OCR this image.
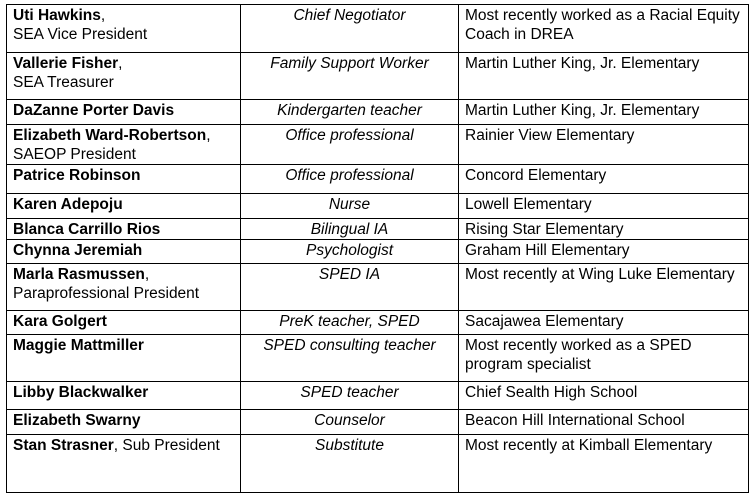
Uti Hawkins,
SEA Vice President	Chief Negotiator	Most recently worked as a Racial Equity Coach in DREA
Vallerie Fisher,
SEA Treasurer	Family Support Worker	Martin Luther King, Jr. Elementary
DaZanne Porter Davis	Kindergarten teacher	Martin Luther King, Jr. Elementary
Elizabeth Ward-Robertson,
SAEOP President	Office professional	Rainier View Elementary
Patrice Robinson	Office professional	Concord Elementary
Karen Adepoju	Nurse	Lowell Elementary
Blanca Carrillo Rios	Bilingual IA	Rising Star Elementary
Chynna Jeremiah	Psychologist	Graham Hill Elementary
Marla Rasmussen,
Paraprofessional President	SPED IA	Most recently at Wing Luke Elementary
Kara Golgert	PreK teacher, SPED	Sacajawea Elementary
Maggie Mattmiller	SPED consulting teacher	Most recently worked as a SPED program specialist
Libby Blackwalker	SPED teacher	Chief Sealth High School
Elizabeth Swarny	Counselor	Beacon Hill International School
Stan Strasner, Sub President	Substitute	Most recently at Kimball Elementary
